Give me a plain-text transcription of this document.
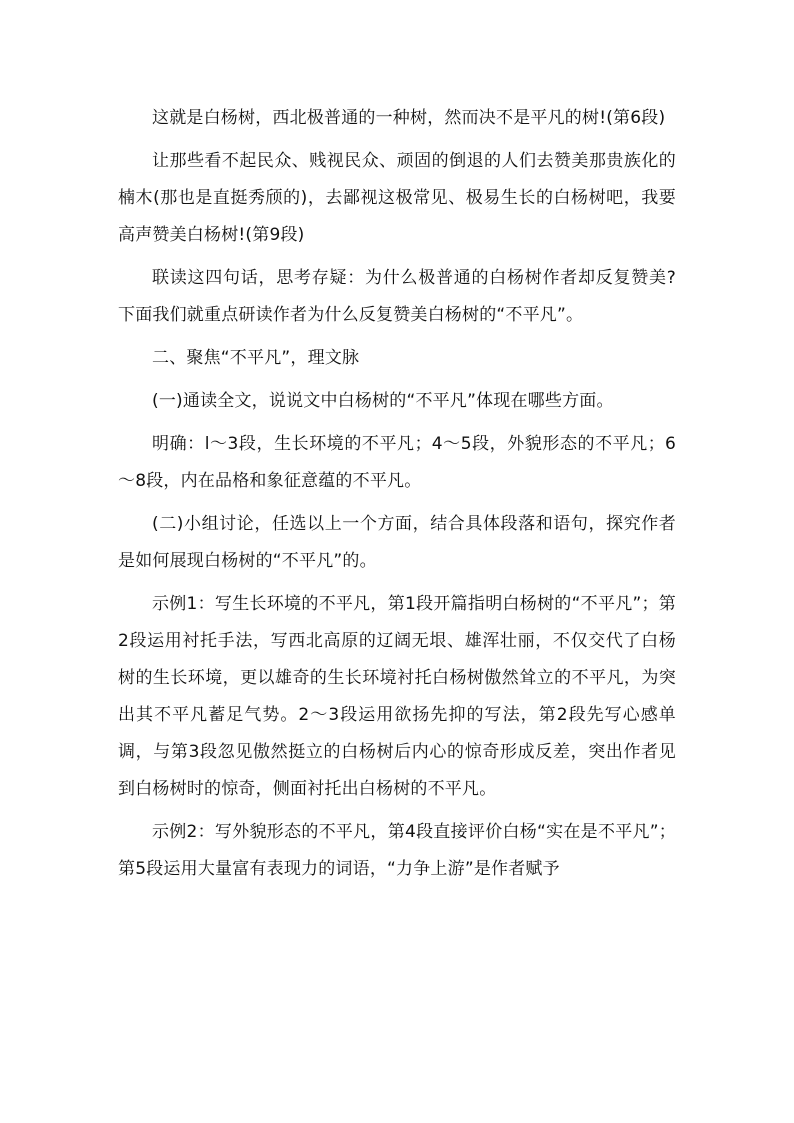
这就是白杨树，西北极普通的一种树，然而决不是平凡的树!(第6段)

让那些看不起民众、贱视民众、顽固的倒退的人们去赞美那贵族化的楠木(那也是直挺秀颀的)，去鄙视这极常见、极易生长的白杨树吧，我要高声赞美白杨树!(第9段)

联读这四句话，思考存疑：为什么极普通的白杨树作者却反复赞美?下面我们就重点研读作者为什么反复赞美白杨树的“不平凡”。

二、聚焦“不平凡”，理文脉

(一)通读全文，说说文中白杨树的“不平凡”体现在哪些方面。

明确：l～3段，生长环境的不平凡；4～5段，外貌形态的不平凡；6～8段，内在品格和象征意蕴的不平凡。

(二)小组讨论，任选以上一个方面，结合具体段落和语句，探究作者是如何展现白杨树的“不平凡”的。

示例1：写生长环境的不平凡，第1段开篇指明白杨树的“不平凡”；第2段运用衬托手法，写西北高原的辽阔无垠、雄浑壮丽，不仅交代了白杨树的生长环境，更以雄奇的生长环境衬托白杨树傲然耸立的不平凡，为突出其不平凡蓄足气势。2～3段运用欲扬先抑的写法，第2段先写心感单调，与第3段忽见傲然挺立的白杨树后内心的惊奇形成反差，突出作者见到白杨树时的惊奇，侧面衬托出白杨树的不平凡。

示例2：写外貌形态的不平凡，第4段直接评价白杨“实在是不平凡”；第5段运用大量富有表现力的词语，“力争上游”是作者赋予
